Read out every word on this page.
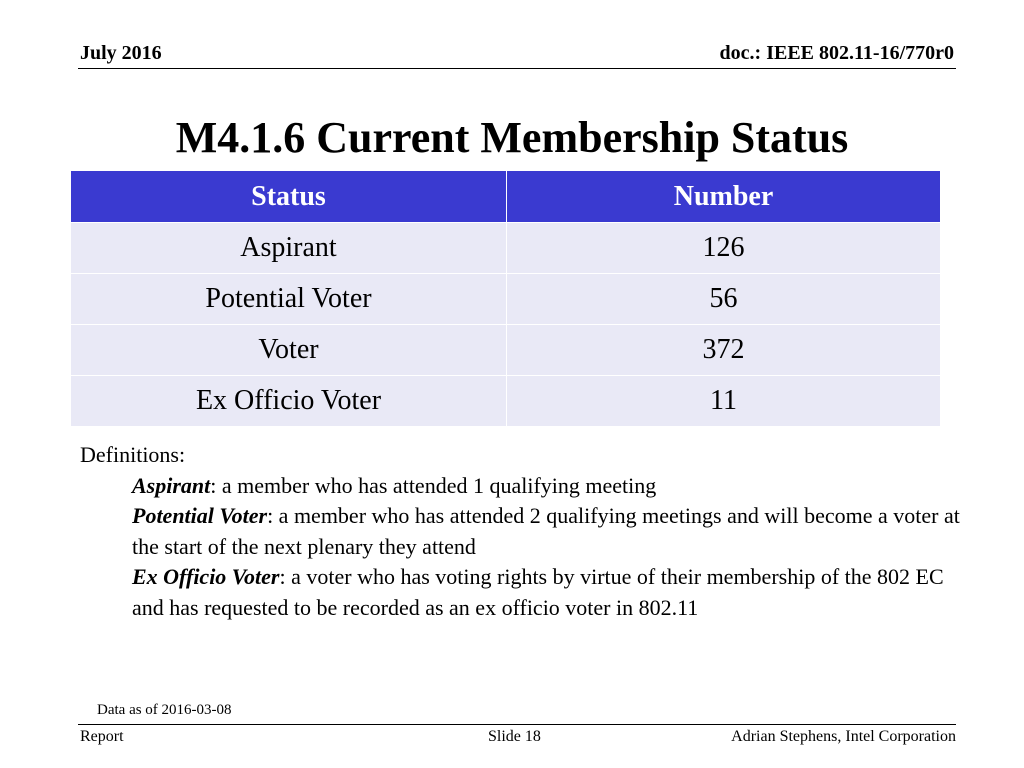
July 2016	doc.: IEEE 802.11-16/770r0
M4.1.6 Current Membership Status
Status	Number
Aspirant	126
Potential Voter	56
Voter	372
Ex Officio Voter	11
Definitions:
Aspirant: a member who has attended 1 qualifying meeting
Potential Voter: a member who has attended 2 qualifying meetings and will become a voter at the start of the next plenary they attend
Ex Officio Voter: a voter who has voting rights by virtue of their membership of the 802 EC and has requested to be recorded as an ex officio voter in 802.11
Data as of 2016-03-08
Report	Slide 18	Adrian Stephens, Intel Corporation
